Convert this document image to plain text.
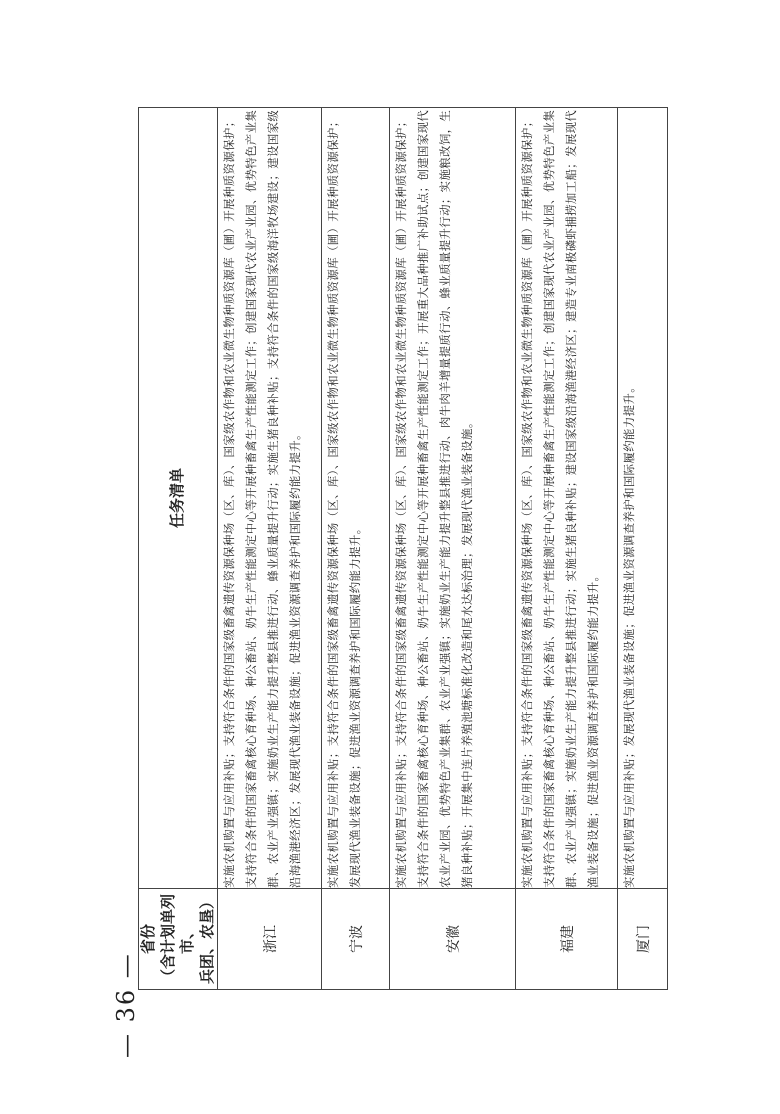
— 36 —

省份
（含计划单列市、
兵团、农垦）	任务清单
浙江	实施农机购置与应用补贴；支持符合条件的国家级畜禽遗传资源保种场（区、库）、国家级农作物和农业微生物种质资源库（圃）开展种质资源保护；支持符合条件的国家畜禽核心育种场、种公畜站、奶牛生产性能测定中心等开展种畜禽生产性能测定工作；创建国家现代农业产业园、优势特色产业集群、农业产业强镇；实施奶业生产能力提升整县推进行动、蜂业质量提升行动；实施生猪良种补贴；支持符合条件的国家级海洋牧场建设；建设国家级沿海渔港经济区；发展现代渔业装备设施；促进渔业资源调查养护和国际履约能力提升。
宁波	实施农机购置与应用补贴；支持符合条件的国家级畜禽遗传资源保种场（区、库）、国家级农作物和农业微生物种质资源库（圃）开展种质资源保护；发展现代渔业装备设施；促进渔业资源调查养护和国际履约能力提升。
安徽	实施农机购置与应用补贴；支持符合条件的国家级畜禽遗传资源保种场（区、库）、国家级农作物和农业微生物种质资源库（圃）开展种质资源保护；支持符合条件的国家畜禽核心育种场、种公畜站、奶牛生产性能测定中心等开展种畜禽生产性能测定工作；开展重大品种推广补助试点；创建国家现代农业产业园、优势特色产业集群、农业产业强镇；实施奶业生产能力提升整县推进行动、肉牛肉羊增量提质行动、蜂业质量提升行动；实施粮改饲，生猪良种补贴；开展集中连片养殖池塘标准化改造和尾水达标治理；发展现代渔业装备设施。
福建	实施农机购置与应用补贴；支持符合条件的国家级畜禽遗传资源保种场（区、库）、国家级农作物和农业微生物种质资源库（圃）开展种质资源保护；支持符合条件的国家畜禽核心育种场、种公畜站、奶牛生产性能测定中心等开展种畜禽生产性能测定工作；创建国家现代农业产业园、优势特色产业集群、农业产业强镇；实施奶业生产能力提升整县推进行动；实施生猪良种补贴；建设国家级沿海渔港经济区；建造专业南极磷虾捕捞加工船；发展现代渔业装备设施；促进渔业资源调查养护和国际履约能力提升。
厦门	实施农机购置与应用补贴；发展现代渔业装备设施；促进渔业资源调查养护和国际履约能力提升。
